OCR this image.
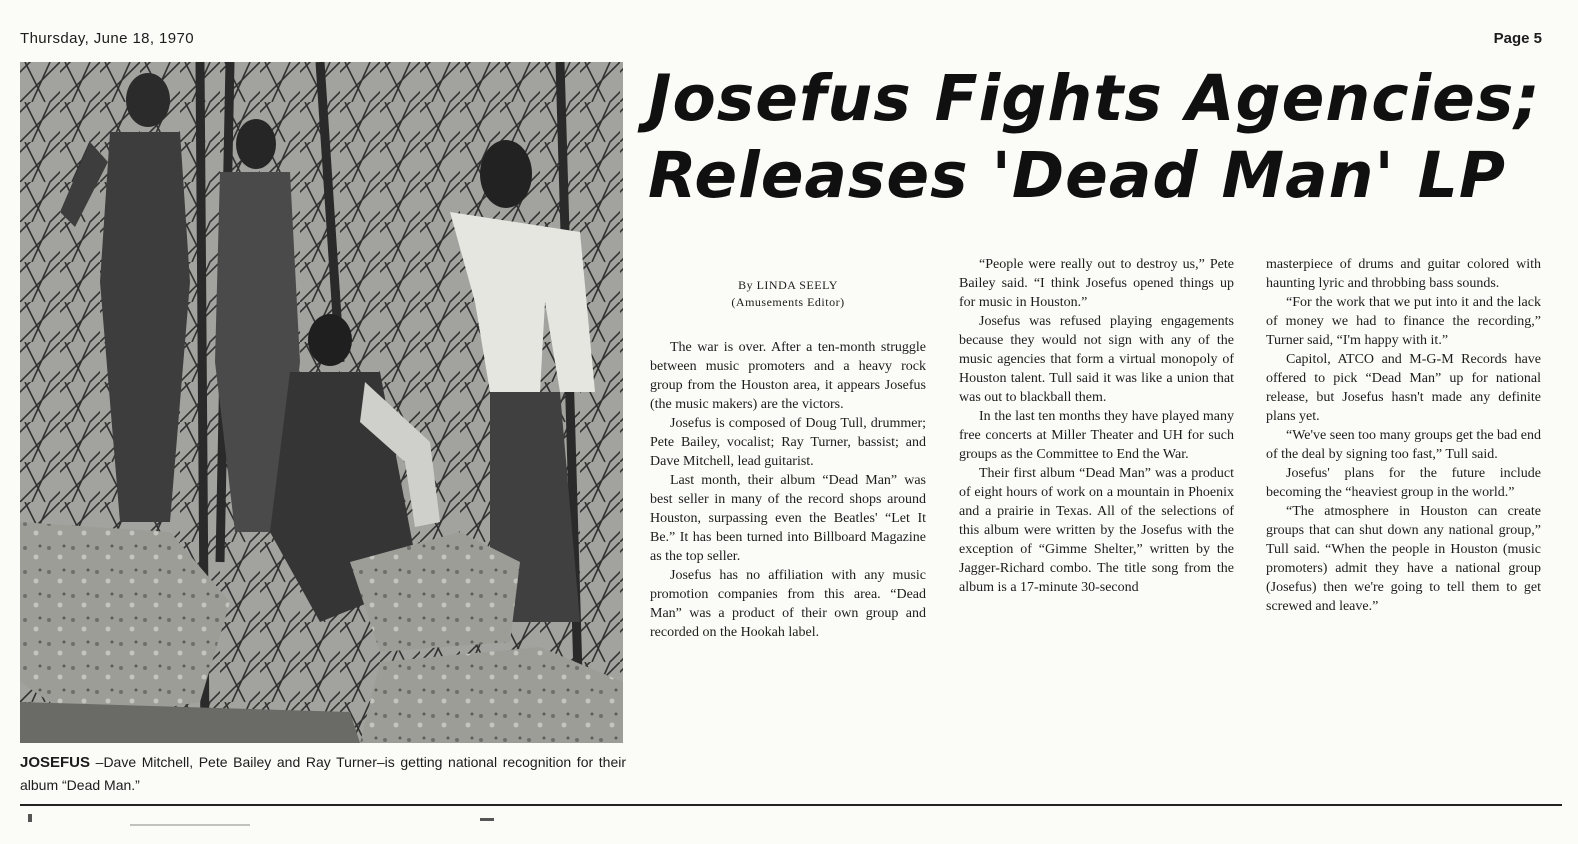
Thursday, June 18, 1970	Page 5
JOSEFUS –Dave Mitchell, Pete Bailey and Ray Turner–is getting national recognition for their album “Dead Man.”
Josefus Fights Agencies;
Releases 'Dead Man' LP
By LINDA SEELY
(Amusements Editor)

The war is over. After a ten-month struggle between music promoters and a heavy rock group from the Houston area, it appears Josefus (the music makers) are the victors.

Josefus is composed of Doug Tull, drummer; Pete Bailey, vocalist; Ray Turner, bassist; and Dave Mitchell, lead guitarist.

Last month, their album “Dead Man” was best seller in many of the record shops around Houston, surpassing even the Beatles' “Let It Be.” It has been turned into Billboard Magazine as the top seller.

Josefus has no affiliation with any music promotion companies from this area. “Dead Man” was a product of their own group and recorded on the Hookah label.

“People were really out to destroy us,” Pete Bailey said. “I think Josefus opened things up for music in Houston.”

Josefus was refused playing engagements because they would not sign with any of the music agencies that form a virtual monopoly of Houston talent. Tull said it was like a union that was out to blackball them.

In the last ten months they have played many free concerts at Miller Theater and UH for such groups as the Committee to End the War.

Their first album “Dead Man” was a product of eight hours of work on a mountain in Phoenix and a prairie in Texas. All of the selections of this album were written by the Josefus with the exception of “Gimme Shelter,” written by the Jagger-Richard combo. The title song from the album is a 17-minute 30-second

masterpiece of drums and guitar colored with haunting lyric and throbbing bass sounds.

“For the work that we put into it and the lack of money we had to finance the recording,” Turner said, “I'm happy with it.”

Capitol, ATCO and M-G-M Records have offered to pick “Dead Man” up for national release, but Josefus hasn't made any definite plans yet.

“We've seen too many groups get the bad end of the deal by signing too fast,” Tull said.

Josefus' plans for the future include becoming the “heaviest group in the world.”

“The atmosphere in Houston can create groups that can shut down any national group,” Tull said. “When the people in Houston (music promoters) admit they have a national group (Josefus) then we're going to tell them to get screwed and leave.”
